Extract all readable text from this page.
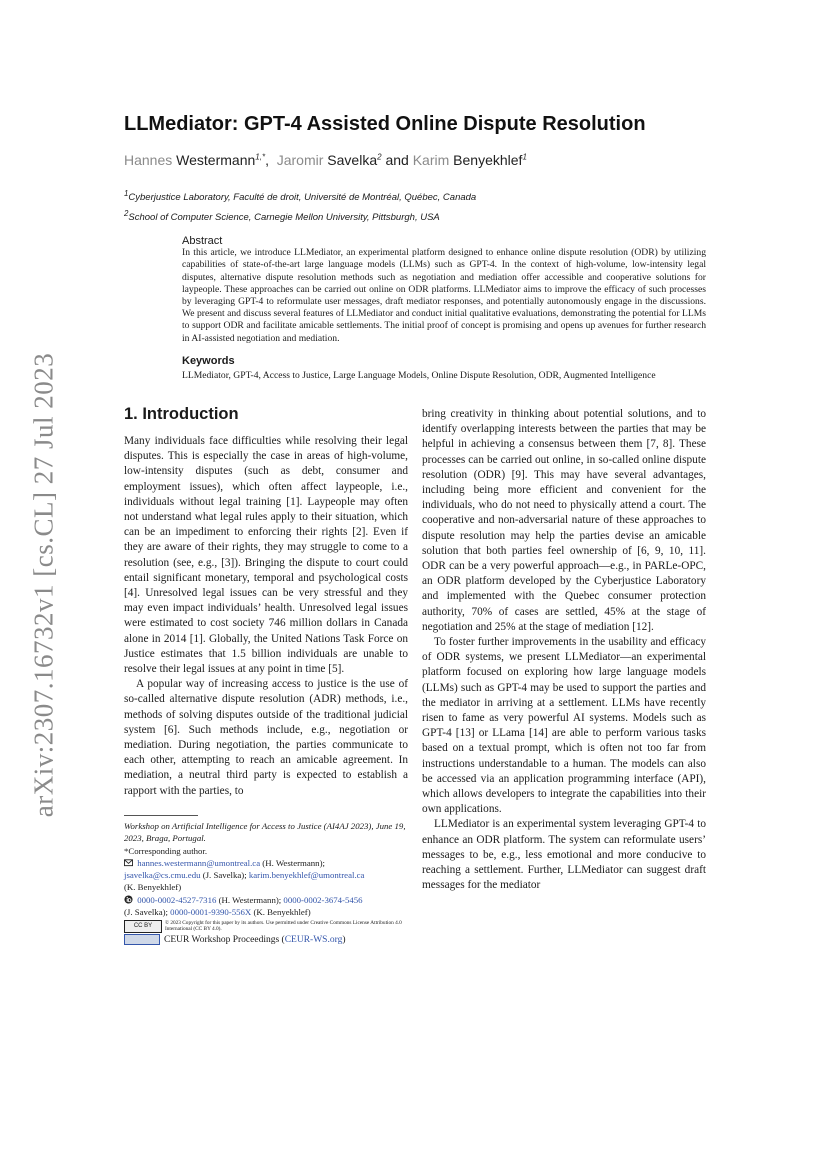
arXiv:2307.16732v1 [cs.CL] 27 Jul 2023
LLMediator: GPT-4 Assisted Online Dispute Resolution
Hannes Westermann$^{1,*}$,  Jaromir Savelka$^2$ and Karim Benyekhlef$^1$
$^1$Cyberjustice Laboratory, Faculté de droit, Université de Montréal, Québec, Canada
$^2$School of Computer Science, Carnegie Mellon University, Pittsburgh, USA
Abstract
In this article, we introduce LLMediator, an experimental platform designed to enhance online dispute resolution (ODR) by utilizing capabilities of state-of-the-art large language models (LLMs) such as GPT-4. In the context of high-volume, low-intensity legal disputes, alternative dispute resolution methods such as negotiation and mediation offer accessible and cooperative solutions for laypeople. These approaches can be carried out online on ODR platforms. LLMediator aims to improve the efficacy of such processes by leveraging GPT-4 to reformulate user messages, draft mediator responses, and potentially autonomously engage in the discussions. We present and discuss several features of LLMediator and conduct initial qualitative evaluations, demonstrating the potential for LLMs to support ODR and facilitate amicable settlements. The initial proof of concept is promising and opens up avenues for further research in AI-assisted negotiation and mediation.
Keywords
LLMediator, GPT-4, Access to Justice, Large Language Models, Online Dispute Resolution, ODR, Augmented Intelligence
1. Introduction

Many individuals face difficulties while resolving their legal disputes. This is especially the case in areas of high-volume, low-intensity disputes (such as debt, consumer and employment issues), which often affect laypeople, i.e., individuals without legal training [1]. Laypeople may often not understand what legal rules apply to their situation, which can be an impediment to enforcing their rights [2]. Even if they are aware of their rights, they may struggle to come to a resolution (see, e.g., [3]). Bringing the dispute to court could entail significant monetary, temporal and psychological costs [4]. Unresolved legal issues can be very stressful and they may even impact individuals’ health. Unresolved legal issues were estimated to cost society 746 million dollars in Canada alone in 2014 [1]. Globally, the United Nations Task Force on Justice estimates that 1.5 billion individuals are unable to resolve their legal issues at any point in time [5].

A popular way of increasing access to justice is the use of so-called alternative dispute resolution (ADR) methods, i.e., methods of solving disputes outside of the traditional judicial system [6]. Such methods include, e.g., negotiation or mediation. During negotiation, the parties communicate to each other, attempting to reach an amicable agreement. In mediation, a neutral third party is expected to establish a rapport with the parties, to

bring creativity in thinking about potential solutions, and to identify overlapping interests between the parties that may be helpful in achieving a consensus between them [7, 8]. These processes can be carried out online, in so-called online dispute resolution (ODR) [9]. This may have several advantages, including being more efficient and convenient for the individuals, who do not need to physically attend a court. The cooperative and non-adversarial nature of these approaches to dispute resolution may help the parties devise an amicable solution that both parties feel ownership of [6, 9, 10, 11]. ODR can be a very powerful approach—e.g., in PARLe-OPC, an ODR platform developed by the Cyberjustice Laboratory and implemented with the Quebec consumer protection authority, 70% of cases are settled, 45% at the stage of negotiation and 25% at the stage of mediation [12].

To foster further improvements in the usability and efficacy of ODR systems, we present LLMediator—an experimental platform focused on exploring how large language models (LLMs) such as GPT-4 may be used to support the parties and the mediator in arriving at a settlement. LLMs have recently risen to fame as very powerful AI systems. Models such as GPT-4 [13] or LLama [14] are able to perform various tasks based on a textual prompt, which is often not too far from instructions understandable to a human. The models can also be accessed via an application programming interface (API), which allows developers to integrate the capabilities into their own applications.

LLMediator is an experimental system leveraging GPT-4 to enhance an ODR platform. The system can reformulate users’ messages to be, e.g., less emotional and more conducive to reaching a settlement. Further, LLMediator can suggest draft messages for the mediator

Workshop on Artificial Intelligence for Access to Justice (AI4AJ 2023), June 19, 2023, Braga, Portugal.
*Corresponding author.
hannes.westermann@umontreal.ca (H. Westermann);
jsavelka@cs.cmu.edu (J. Savelka); karim.benyekhlef@umontreal.ca
(K. Benyekhlef)
0000-0002-4527-7316 (H. Westermann); 0000-0002-3674-5456
(J. Savelka); 0000-0001-9390-556X (K. Benyekhlef)
CC BY © 2023 Copyright for this paper by its authors. Use permitted under Creative Commons License Attribution 4.0 International (CC BY 4.0).
CEUR Workshop Proceedings (CEUR-WS.org)
